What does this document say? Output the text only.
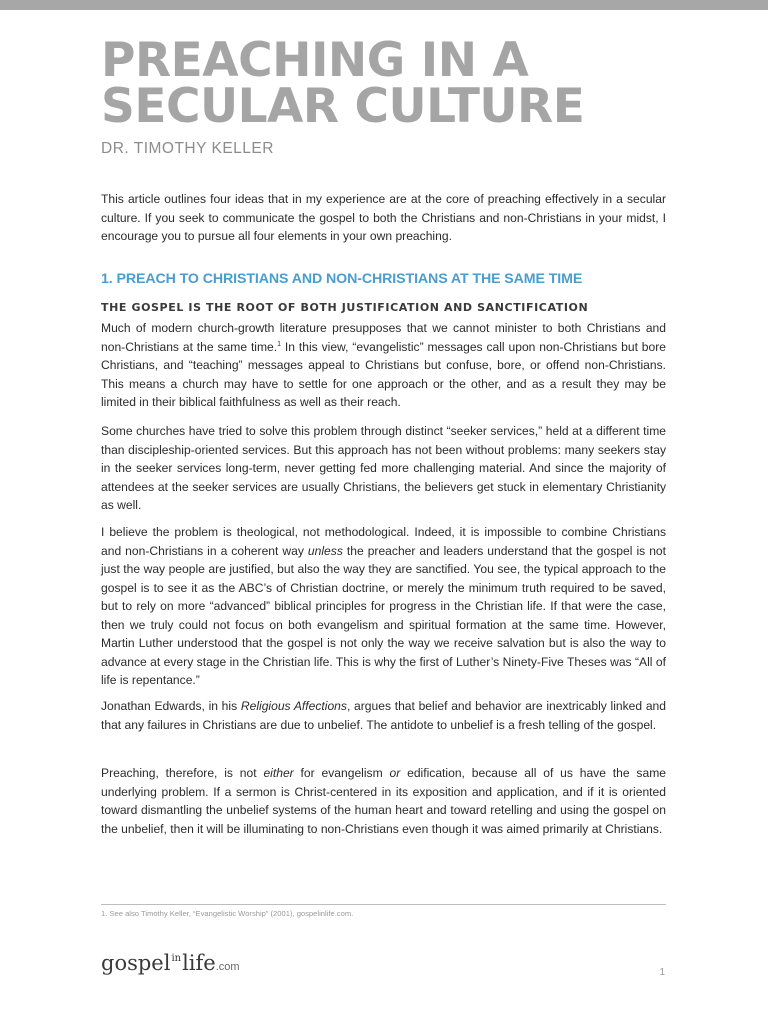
PREACHING IN A
SECULAR CULTURE

DR. TIMOTHY KELLER

This article outlines four ideas that in my experience are at the core of preaching effectively in a secular culture. If you seek to communicate the gospel to both the Christians and non-Christians in your midst, I encourage you to pursue all four elements in your own preaching.

1. PREACH TO CHRISTIANS AND NON-CHRISTIANS AT THE SAME TIME
THE GOSPEL IS THE ROOT OF BOTH JUSTIFICATION AND SANCTIFICATION

Much of modern church-growth literature presupposes that we cannot minister to both Christians and non-Christians at the same time.$^1$ In this view, “evangelistic” messages call upon non-Christians but bore Christians, and “teaching” messages appeal to Christians but confuse, bore, or offend non-Christians. This means a church may have to settle for one approach or the other, and as a result they may be limited in their biblical faithfulness as well as their reach.

Some churches have tried to solve this problem through distinct “seeker services,” held at a different time than discipleship-oriented services. But this approach has not been without problems: many seekers stay in the seeker services long-term, never getting fed more challenging material. And since the majority of attendees at the seeker services are usually Christians, the believers get stuck in elementary Christianity as well.

I believe the problem is theological, not methodological. Indeed, it is impossible to combine Christians and non-Christians in a coherent way unless the preacher and leaders understand that the gospel is not just the way people are justified, but also the way they are sanctified. You see, the typical approach to the gospel is to see it as the ABC’s of Christian doctrine, or merely the minimum truth required to be saved, but to rely on more “advanced” biblical principles for progress in the Christian life. If that were the case, then we truly could not focus on both evangelism and spiritual formation at the same time. However, Martin Luther understood that the gospel is not only the way we receive salvation but is also the way to advance at every stage in the Christian life. This is why the first of Luther’s Ninety-Five Theses was “All of life is repentance.”

Jonathan Edwards, in his Religious Affections, argues that belief and behavior are inextricably linked and that any failures in Christians are due to unbelief. The antidote to unbelief is a fresh telling of the gospel.

Preaching, therefore, is not either for evangelism or edification, because all of us have the same underlying problem. If a sermon is Christ-centered in its exposition and application, and if it is oriented toward dismantling the unbelief systems of the human heart and toward retelling and using the gospel on the unbelief, then it will be illuminating to non-Christians even though it was aimed primarily at Christians.

1. See also Timothy Keller, “Evangelistic Worship” (2001), gospelinlife.com.

gospel$^{in}$life.com	1
